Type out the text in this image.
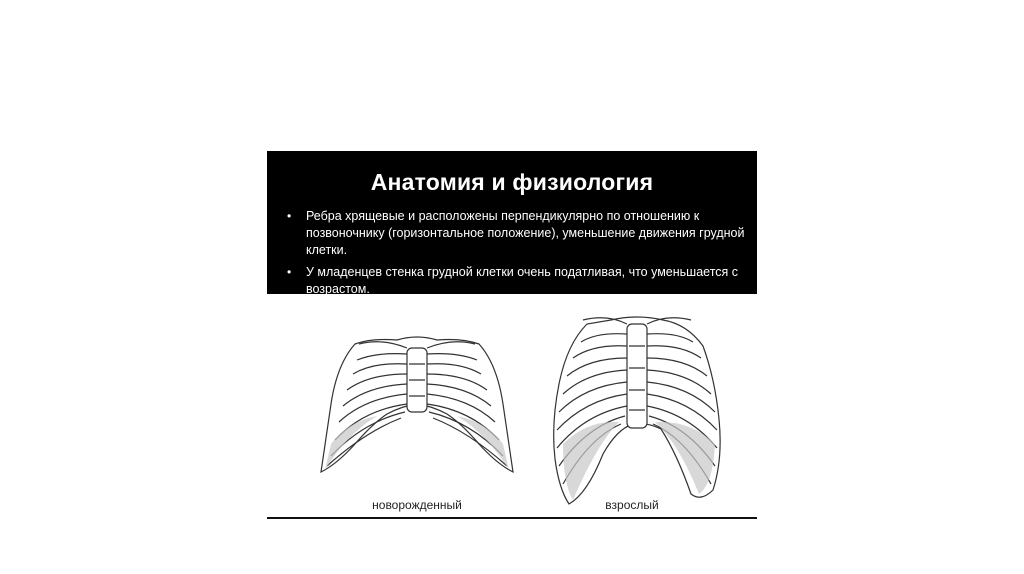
Анатомия и физиология
• Ребра хрящевые и расположены перпендикулярно по отношению к позвоночнику (горизонтальное положение), уменьшение движения грудной клетки.
• У младенцев стенка грудной клетки очень податливая, что уменьшается с возрастом.
новорожденный	взрослый
